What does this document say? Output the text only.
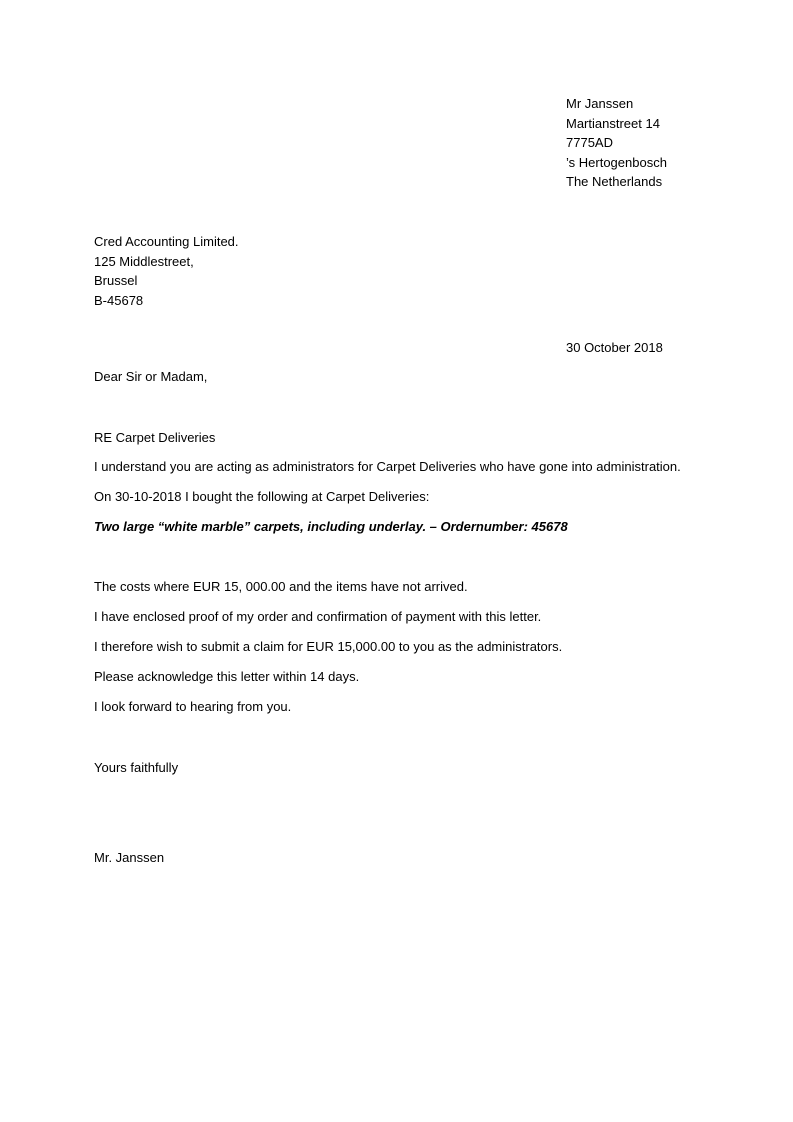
Mr Janssen
Martianstreet 14
7775AD
’s Hertogenbosch
The Netherlands
Cred Accounting Limited.
125 Middlestreet,
Brussel
B-45678
30 October 2018
Dear Sir or Madam,
RE Carpet Deliveries
I understand you are acting as administrators for Carpet Deliveries who have gone into administration.
On 30-10-2018 I bought the following at Carpet Deliveries:
Two large “white marble” carpets, including underlay. – Ordernumber: 45678
The costs where EUR 15, 000.00 and the items have not arrived.
I have enclosed proof of my order and confirmation of payment with this letter.
I therefore wish to submit a claim for EUR 15,000.00 to you as the administrators.
Please acknowledge this letter within 14 days.
I look forward to hearing from you.
Yours faithfully
Mr. Janssen
